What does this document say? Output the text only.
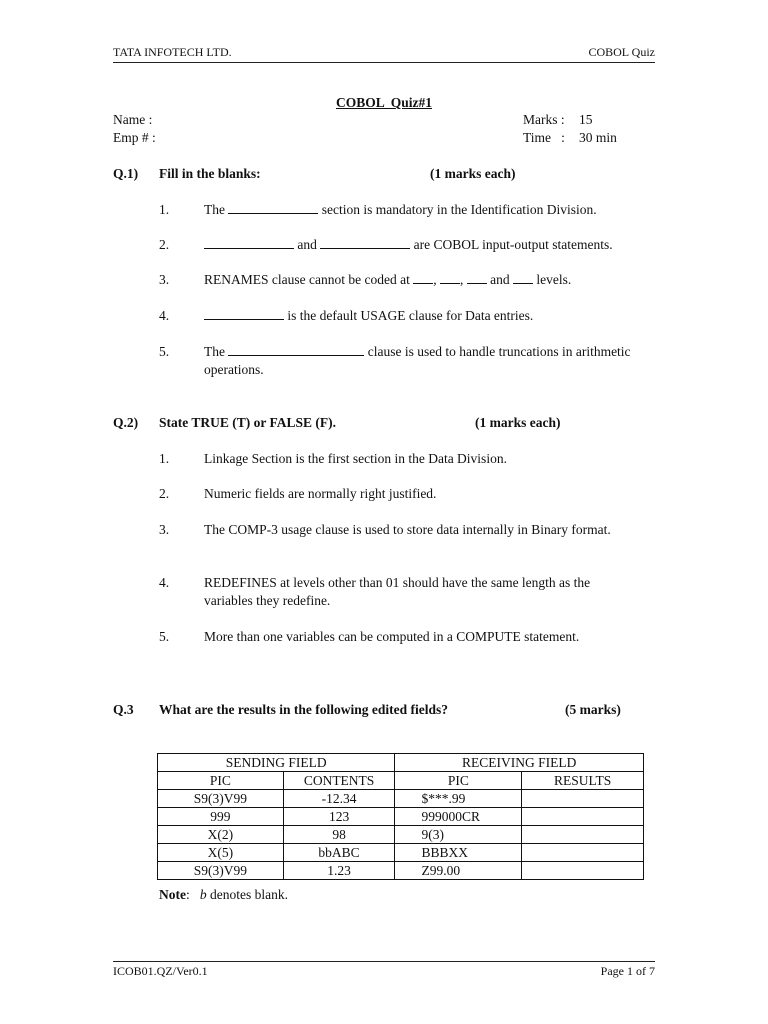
TATA INFOTECH LTD.	COBOL Quiz
COBOL  Quiz#1
Name :
Emp # :
Marks : 15
Time   : 30 min
Q.1) Fill in the blanks:	(1 marks each)
1.	The	section is mandatory in the Identification Division.
2.	and	are COBOL input-output statements.
3.	RENAMES clause cannot be coded at , ,  and  levels.
4.	is the default USAGE clause for Data entries.
5.	The	clause is used to handle truncations in arithmetic operations.
Q.2) State TRUE (T) or FALSE (F).	(1 marks each)
1.	Linkage Section is the first section in the Data Division.
2.	Numeric fields are normally right justified.
3.	The COMP-3 usage clause is used to store data internally in Binary format.
4.	REDEFINES at levels other than 01 should have the same length as the variables they redefine.
5.	More than one variables can be computed in a COMPUTE statement.
Q.3 What are the results in the following edited fields?	(5 marks)
SENDING FIELD		RECEIVING FIELD	
PIC	CONTENTS	PIC	RESULTS
S9(3)V99	-12.34	$***.99	
999	123	999000CR	
X(2)	98	9(3)	
X(5)	bbABC	BBBXX	
S9(3)V99	1.23	Z99.00	
Note:   b denotes blank.
ICOB01.QZ/Ver0.1	Page 1 of 7
